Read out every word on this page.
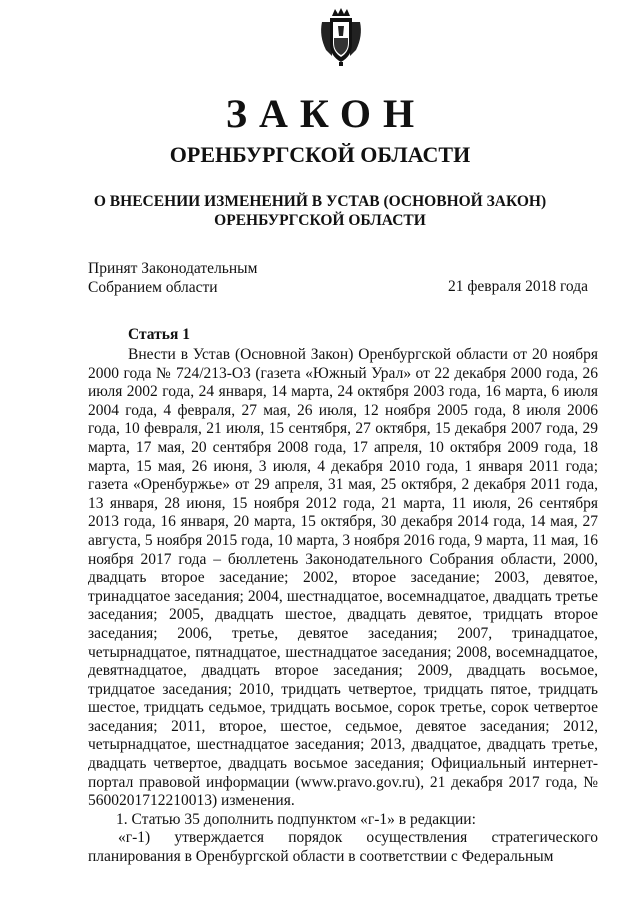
ЗАКОН
ОРЕНБУРГСКОЙ ОБЛАСТИ
О ВНЕСЕНИИ ИЗМЕНЕНИЙ В УСТАВ (ОСНОВНОЙ ЗАКОН)
ОРЕНБУРГСКОЙ ОБЛАСТИ
Принят Законодательным
Собранием области	21 февраля 2018 года
Статья 1

Внести в Устав (Основной Закон) Оренбургской области от 20 ноября 2000 года № 724/213-ОЗ (газета «Южный Урал» от 22 декабря 2000 года, 26 июля 2002 года, 24 января, 14 марта, 24 октября 2003 года, 16 марта, 6 июля 2004 года, 4 февраля, 27 мая, 26 июля, 12 ноября 2005 года, 8 июля 2006 года, 10 февраля, 21 июля, 15 сентября, 27 октября, 15 декабря 2007 года, 29 марта, 17 мая, 20 сентября 2008 года, 17 апреля, 10 октября 2009 года, 18 марта, 15 мая, 26 июня, 3 июля, 4 декабря 2010 года, 1 января 2011 года; газета «Оренбуржье» от 29 апреля, 31 мая, 25 октября, 2 декабря 2011 года, 13 января, 28 июня, 15 ноября 2012 года, 21 марта, 11 июля, 26 сентября 2013 года, 16 января, 20 марта, 15 октября, 30 декабря 2014 года, 14 мая, 27 августа, 5 ноября 2015 года, 10 марта, 3 ноября 2016 года, 9 марта, 11 мая, 16 ноября 2017 года – бюллетень Законодательного Собрания области, 2000, двадцать второе заседание; 2002, второе заседание; 2003, девятое, тринадцатое заседания; 2004, шестнадцатое, восемнадцатое, двадцать третье заседания; 2005, двадцать шестое, двадцать девятое, тридцать второе заседания; 2006, третье, девятое заседания; 2007, тринадцатое, четырнадцатое, пятнадцатое, шестнадцатое заседания; 2008, восемнадцатое, девятнадцатое, двадцать второе заседания; 2009, двадцать восьмое, тридцатое заседания; 2010, тридцать четвертое, тридцать пятое, тридцать шестое, тридцать седьмое, тридцать восьмое, сорок третье, сорок четвертое заседания; 2011, второе, шестое, седьмое, девятое заседания; 2012, четырнадцатое, шестнадцатое заседания; 2013, двадцатое, двадцать третье, двадцать четвертое, двадцать восьмое заседания; Официальный интернет-портал правовой информации (www.pravo.gov.ru), 21 декабря 2017 года, № 5600201712210013) изменения.

1. Статью 35 дополнить подпунктом «г-1» в редакции:

«г-1) утверждается порядок осуществления стратегического планирования в Оренбургской области в соответствии с Федеральным
